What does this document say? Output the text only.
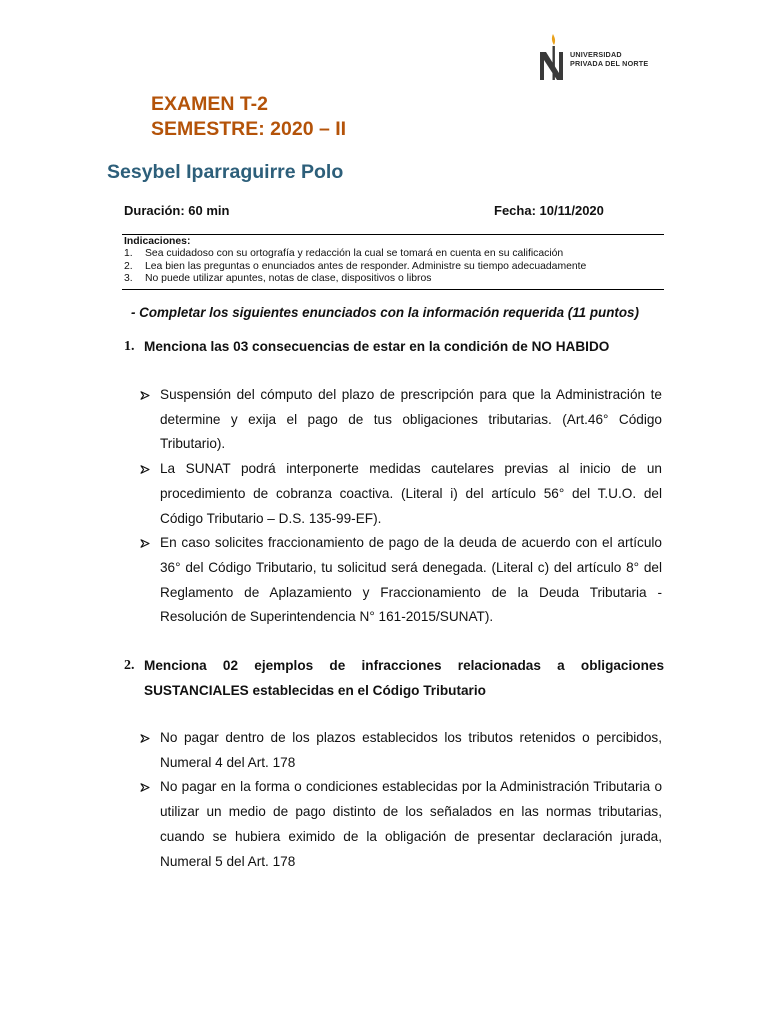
UNIVERSIDAD
PRIVADA DEL NORTE
EXAMEN T-2
SEMESTRE: 2020 – II
Sesybel Iparraguirre Polo
Duración: 60 min	Fecha: 10/11/2020
Indicaciones:
1.	Sea cuidadoso con su ortografía y redacción la cual se tomará en cuenta en su calificación
2.	Lea bien las preguntas o enunciados antes de responder. Administre su tiempo adecuadamente
3.	No puede utilizar apuntes, notas de clase, dispositivos o libros
- Completar los siguientes enunciados con la información requerida (11 puntos)
1. Menciona las 03 consecuencias de estar en la condición de NO HABIDO
Suspensión del cómputo del plazo de prescripción para que la Administración te determine y exija el pago de tus obligaciones tributarias. (Art.46° Código Tributario).
La SUNAT podrá interponerte medidas cautelares previas al inicio de un procedimiento de cobranza coactiva. (Literal i) del artículo 56° del T.U.O. del Código Tributario – D.S. 135-99-EF).
En caso solicites fraccionamiento de pago de la deuda de acuerdo con el artículo 36° del Código Tributario, tu solicitud será denegada. (Literal c) del artículo 8° del Reglamento de Aplazamiento y Fraccionamiento de la Deuda Tributaria - Resolución de Superintendencia N° 161-2015/SUNAT).
2. Menciona 02 ejemplos de infracciones relacionadas a obligaciones SUSTANCIALES establecidas en el Código Tributario
No pagar dentro de los plazos establecidos los tributos retenidos o percibidos, Numeral 4 del Art. 178
No pagar en la forma o condiciones establecidas por la Administración Tributaria o utilizar un medio de pago distinto de los señalados en las normas tributarias, cuando se hubiera eximido de la obligación de presentar declaración jurada, Numeral 5 del Art. 178
